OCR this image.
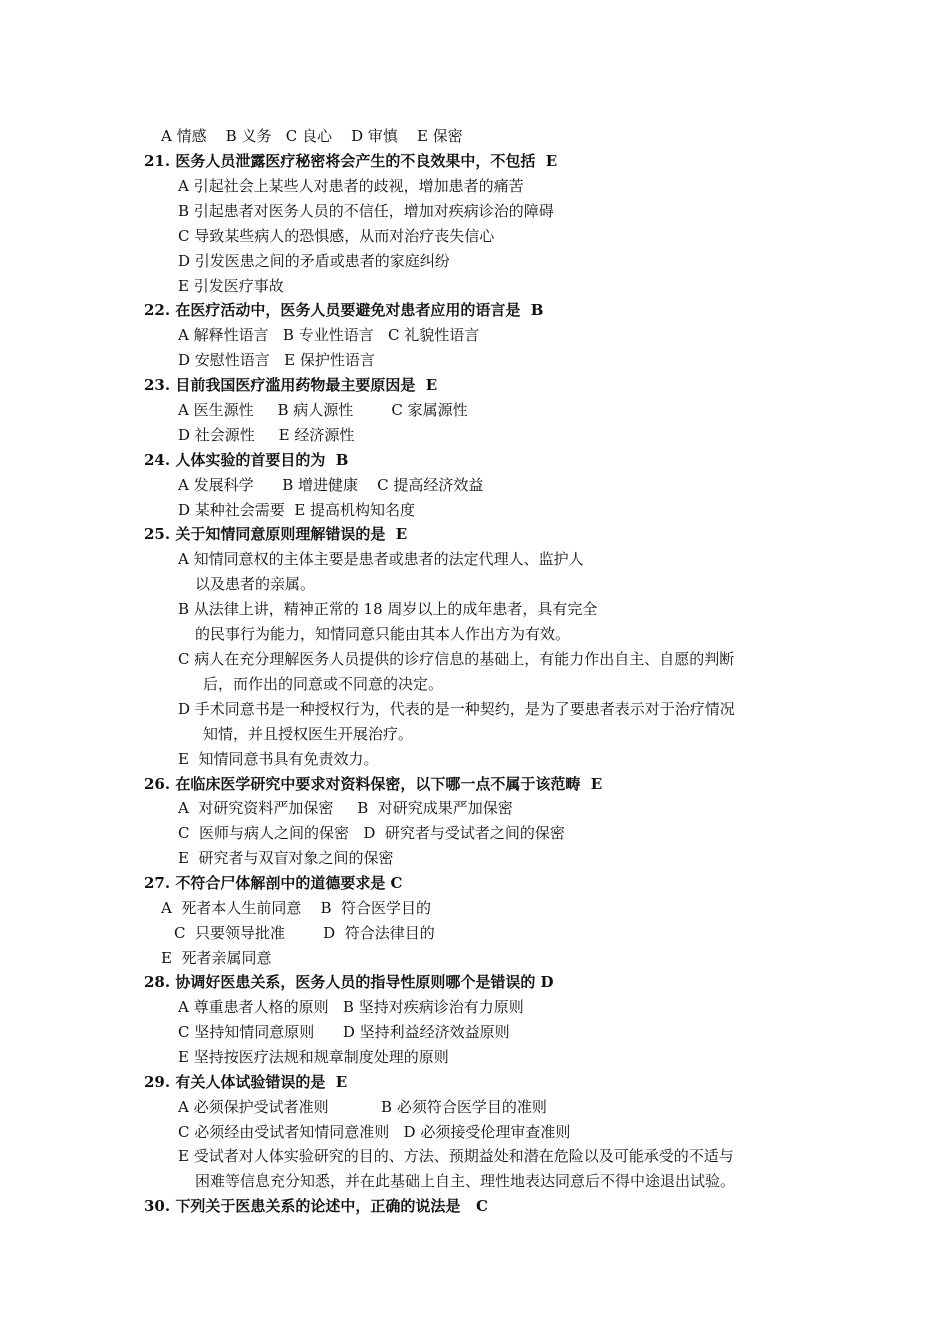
A 情感    B 义务   C 良心    D 审慎    E 保密
21. 医务人员泄露医疗秘密将会产生的不良效果中，不包括  E
A 引起社会上某些人对患者的歧视，增加患者的痛苦
B 引起患者对医务人员的不信任，增加对疾病诊治的障碍
C 导致某些病人的恐惧感，从而对治疗丧失信心
D 引发医患之间的矛盾或患者的家庭纠纷
E 引发医疗事故
22. 在医疗活动中，医务人员要避免对患者应用的语言是  B
A 解释性语言   B 专业性语言   C 礼貌性语言
D 安慰性语言   E 保护性语言
23. 目前我国医疗滥用药物最主要原因是  E
A 医生源性     B 病人源性        C 家属源性
D 社会源性     E 经济源性
24. 人体实验的首要目的为  B
A 发展科学      B 增进健康    C 提高经济效益
D 某种社会需要  E 提高机构知名度
25. 关于知情同意原则理解错误的是  E
A 知情同意权的主体主要是患者或患者的法定代理人、监护人
以及患者的亲属。
B 从法律上讲，精神正常的 18 周岁以上的成年患者，具有完全
的民事行为能力，知情同意只能由其本人作出方为有效。
C 病人在充分理解医务人员提供的诊疗信息的基础上，有能力作出自主、自愿的判断
后，而作出的同意或不同意的决定。
D 手术同意书是一种授权行为，代表的是一种契约，是为了要患者表示对于治疗情况
知情，并且授权医生开展治疗。
E  知情同意书具有免责效力。
26. 在临床医学研究中要求对资料保密，以下哪一点不属于该范畴  E
A  对研究资料严加保密     B  对研究成果严加保密
C  医师与病人之间的保密   D  研究者与受试者之间的保密
E  研究者与双盲对象之间的保密
27. 不符合尸体解剖中的道德要求是 C
A  死者本人生前同意    B  符合医学目的
C  只要领导批准        D  符合法律目的
E  死者亲属同意
28. 协调好医患关系，医务人员的指导性原则哪个是错误的 D
A 尊重患者人格的原则   B 坚持对疾病诊治有力原则
C 坚持知情同意原则      D 坚持利益经济效益原则
E 坚持按医疗法规和规章制度处理的原则
29. 有关人体试验错误的是  E
A 必须保护受试者准则           B 必须符合医学目的准则
C 必须经由受试者知情同意准则   D 必须接受伦理审查准则
E 受试者对人体实验研究的目的、方法、预期益处和潜在危险以及可能承受的不适与
困难等信息充分知悉，并在此基础上自主、理性地表达同意后不得中途退出试验。
30. 下列关于医患关系的论述中，正确的说法是   C
